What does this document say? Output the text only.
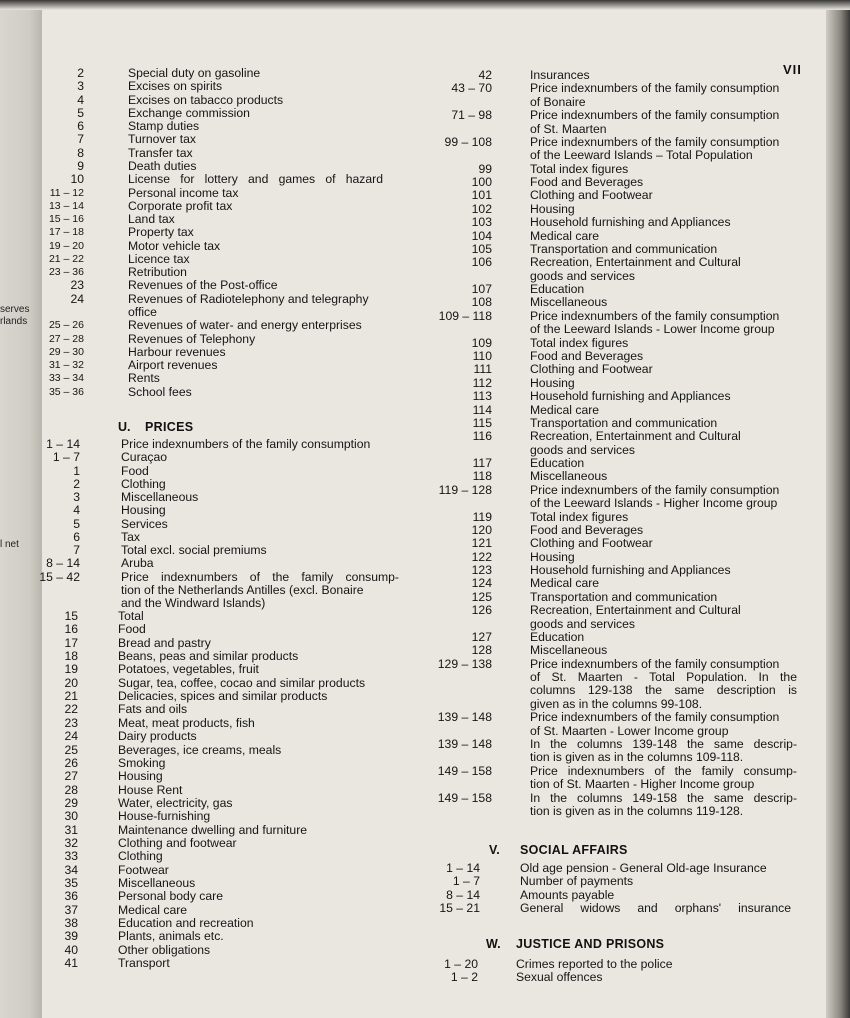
serves
rlands
l net
VII
2	Special duty on gasoline
3	Excises on spirits
4	Excises on tabacco products
5	Exchange commission
6	Stamp duties
7	Turnover tax
8	Transfer tax
9	Death duties
10	License for lottery and games of hazard
11 – 12	Personal income tax
13 – 14	Corporate profit tax
15 – 16	Land tax
17 – 18	Property tax
19 – 20	Motor vehicle tax
21 – 22	Licence tax
23 – 36	Retribution
23	Revenues of the Post-office
24	Revenues of Radiotelephony and telegraphy
office
25 – 26	Revenues of water- and energy enterprises
27 – 28	Revenues of Telephony
29 – 30	Harbour revenues
31 – 32	Airport revenues
33 – 34	Rents
35 – 36	School fees
1 – 14	Price indexnumbers of the family consumption
1 – 7	Curaçao
1	Food
2	Clothing
3	Miscellaneous
4	Housing
5	Services
6	Tax
7	Total excl. social premiums
8 – 14	Aruba
15 – 42	Price indexnumbers of the family consump-
tion of the Netherlands Antilles (excl. Bonaire
and the Windward Islands)
15	Total
16	Food
17	Bread and pastry
18	Beans, peas and similar products
19	Potatoes, vegetables, fruit
20	Sugar, tea, coffee, cocao and similar products
21	Delicacies, spices and similar products
22	Fats and oils
23	Meat, meat products, fish
24	Dairy products
25	Beverages, ice creams, meals
26	Smoking
27	Housing
28	House Rent
29	Water, electricity, gas
30	House-furnishing
31	Maintenance dwelling and furniture
32	Clothing and footwear
33	Clothing
34	Footwear
35	Miscellaneous
36	Personal body care
37	Medical care
38	Education and recreation
39	Plants, animals etc.
40	Other obligations
41	Transport
42	Insurances
43 – 70	Price indexnumbers of the family consumption
of Bonaire
71 – 98	Price indexnumbers of the family consumption
of St. Maarten
99 – 108	Price indexnumbers of the family consumption
of the Leeward Islands – Total Population
99	Total index figures
100	Food and Beverages
101	Clothing and Footwear
102	Housing
103	Household furnishing and Appliances
104	Medical care
105	Transportation and communication
106	Recreation, Entertainment and Cultural
goods and services
107	Education
108	Miscellaneous
109 – 118	Price indexnumbers of the family consumption
of the Leeward Islands - Lower Income group
109	Total index figures
110	Food and Beverages
111	Clothing and Footwear
112	Housing
113	Household furnishing and Appliances
114	Medical care
115	Transportation and communication
116	Recreation, Entertainment and Cultural
goods and services
117	Education
118	Miscellaneous
119 – 128	Price indexnumbers of the family consumption
of the Leeward Islands - Higher Income group
119	Total index figures
120	Food and Beverages
121	Clothing and Footwear
122	Housing
123	Household furnishing and Appliances
124	Medical care
125	Transportation and communication
126	Recreation, Entertainment and Cultural
goods and services
127	Education
128	Miscellaneous
129 – 138	Price indexnumbers of the family consumption
of St. Maarten - Total Population. In the
columns 129-138 the same description is
given as in the columns 99-108.
139 – 148	Price indexnumbers of the family consumption
of St. Maarten - Lower Income group
139 – 148	In the columns 139-148 the same descrip-
tion is given as in the columns 109-118.
149 – 158	Price indexnumbers of the family consump-
tion of St. Maarten - Higher Income group
149 – 158	In the columns 149-158 the same descrip-
tion is given as in the columns 119-128.
1 – 14	Old age pension - General Old-age Insurance
1 – 7	Number of payments
8 – 14	Amounts payable
15 – 21	General widows and orphans' insurance
1 – 20	Crimes reported to the police
1 – 2	Sexual offences
U. PRICES
V. SOCIAL AFFAIRS
W. JUSTICE AND PRISONS
